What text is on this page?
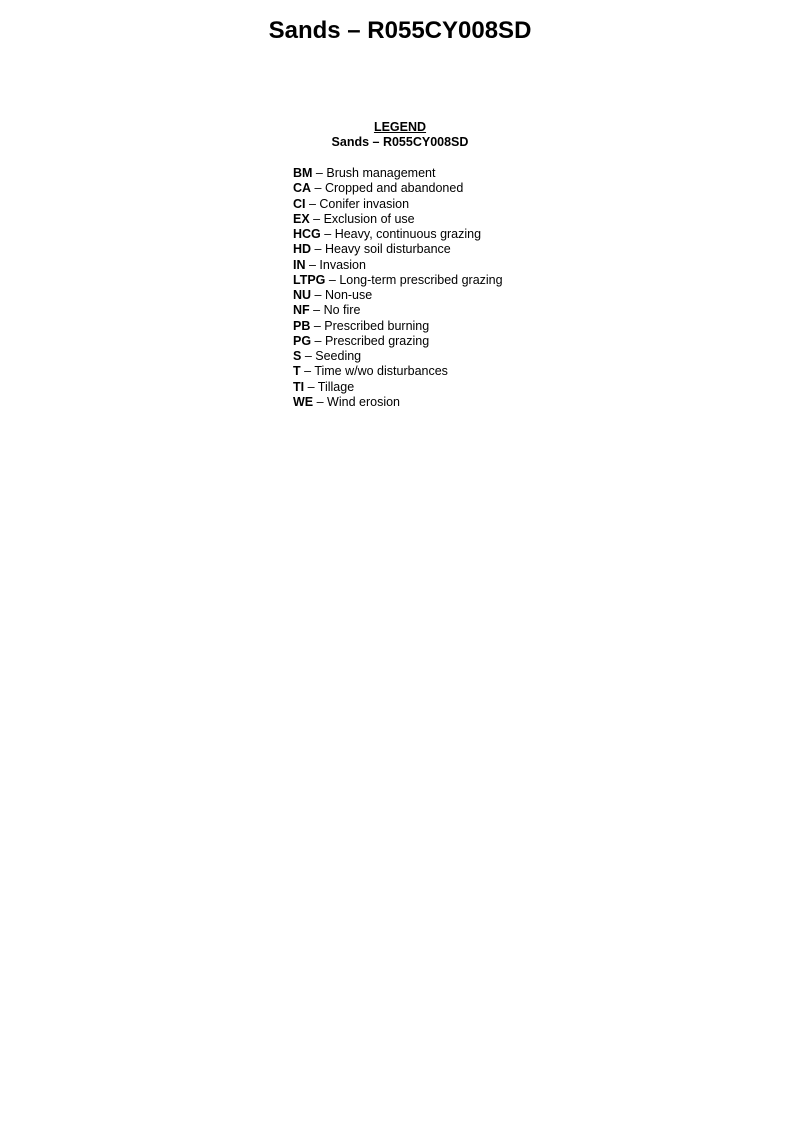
Sands – R055CY008SD
LEGEND
Sands – R055CY008SD
BM – Brush management
CA – Cropped and abandoned
CI – Conifer invasion
EX – Exclusion of use
HCG – Heavy, continuous grazing
HD – Heavy soil disturbance
IN – Invasion
LTPG – Long-term prescribed grazing
NU – Non-use
NF – No fire
PB – Prescribed burning
PG – Prescribed grazing
S – Seeding
T – Time w/wo disturbances
TI – Tillage
WE – Wind erosion
